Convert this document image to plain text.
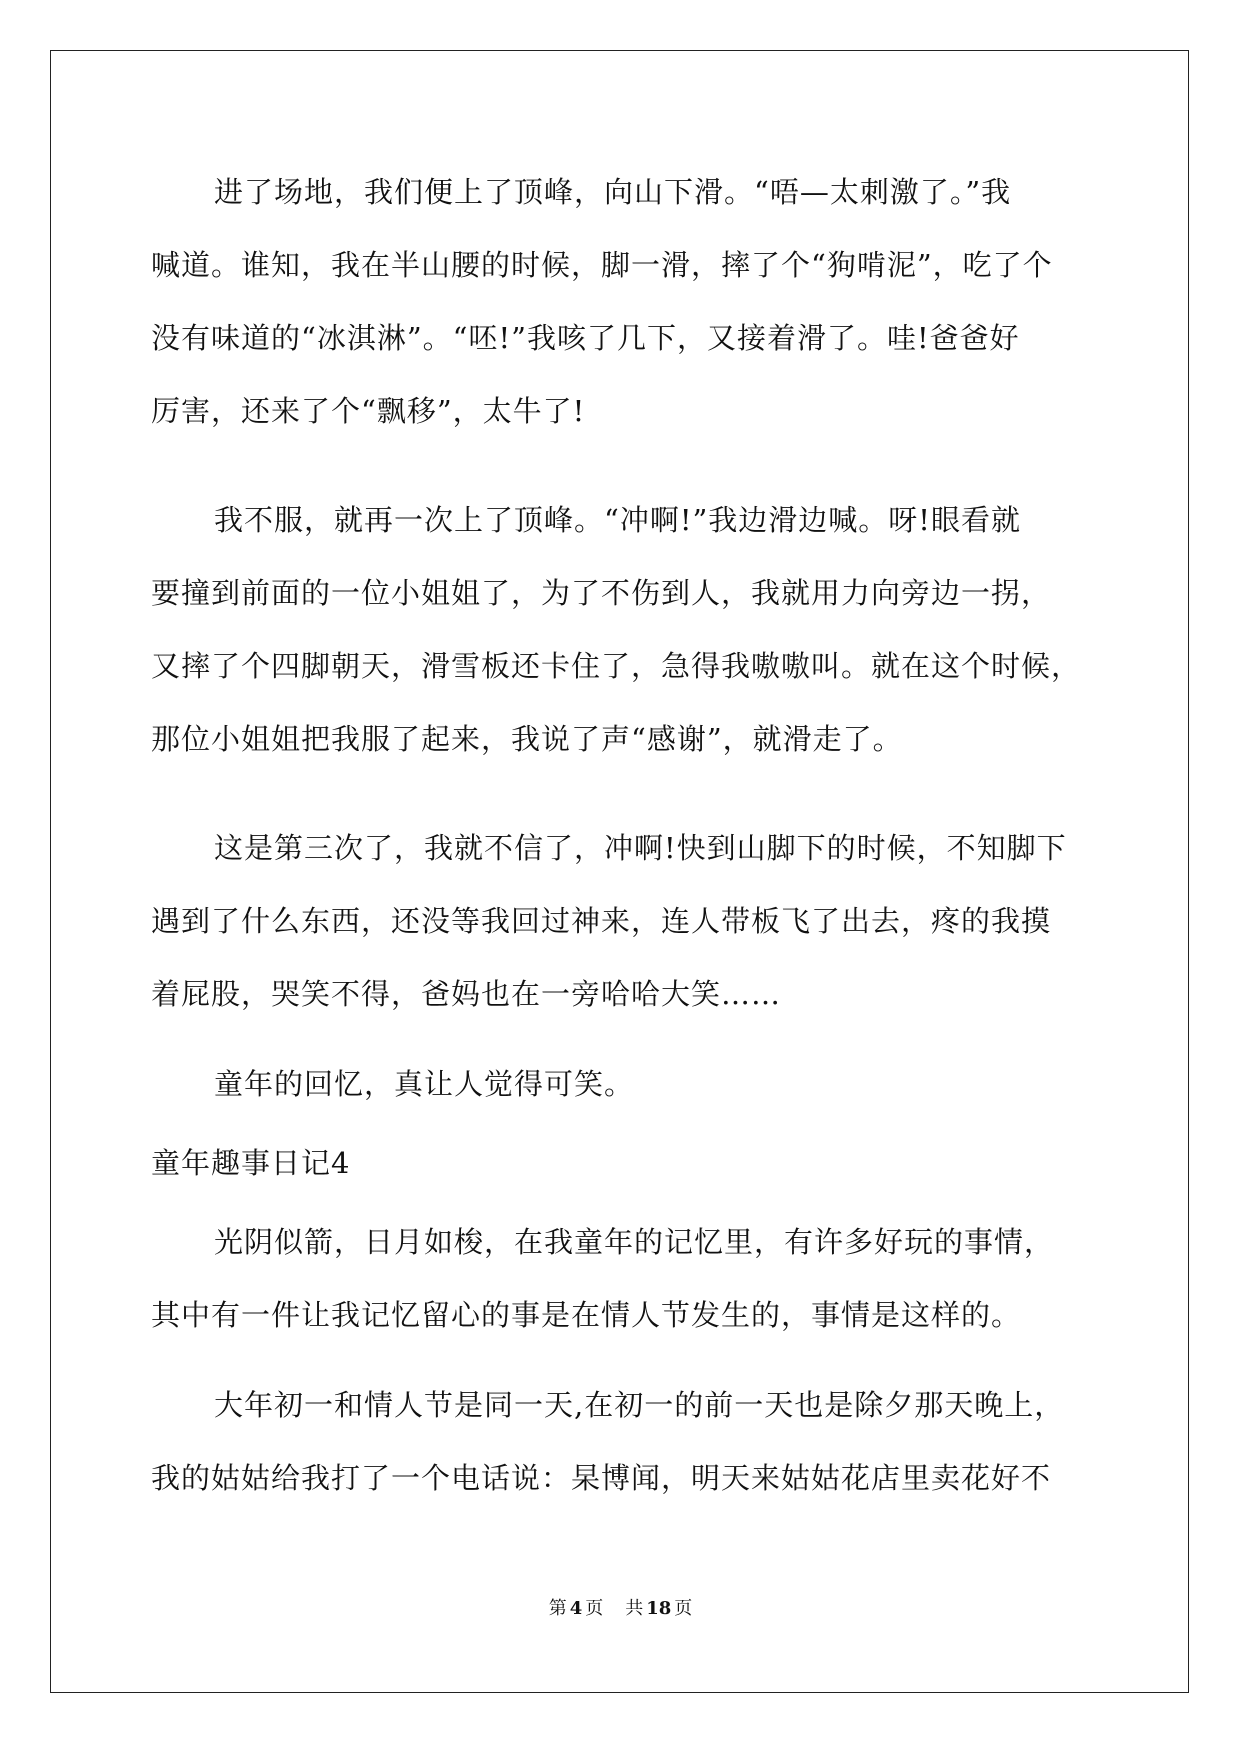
进了场地，我们便上了顶峰，向山下滑。“唔—太刺激了。”我
喊道。谁知，我在半山腰的时候，脚一滑，摔了个“狗啃泥”，吃了个
没有味道的“冰淇淋”。“呸!”我咳了几下，又接着滑了。哇!爸爸好
厉害，还来了个“飘移”，太牛了!
我不服，就再一次上了顶峰。“冲啊!”我边滑边喊。呀!眼看就
要撞到前面的一位小姐姐了，为了不伤到人，我就用力向旁边一拐，
又摔了个四脚朝天，滑雪板还卡住了，急得我嗷嗷叫。就在这个时候，
那位小姐姐把我服了起来，我说了声“感谢”，就滑走了。
这是第三次了，我就不信了，冲啊!快到山脚下的时候，不知脚下
遇到了什么东西，还没等我回过神来，连人带板飞了出去，疼的我摸
着屁股，哭笑不得，爸妈也在一旁哈哈大笑……
童年的回忆，真让人觉得可笑。
童年趣事日记4
光阴似箭，日月如梭，在我童年的记忆里，有许多好玩的事情，
其中有一件让我记忆留心的事是在情人节发生的，事情是这样的。
大年初一和情人节是同一天,在初一的前一天也是除夕那天晚上，
我的姑姑给我打了一个电话说：杲博闻，明天来姑姑花店里卖花好不
第 4 页 共 18 页
